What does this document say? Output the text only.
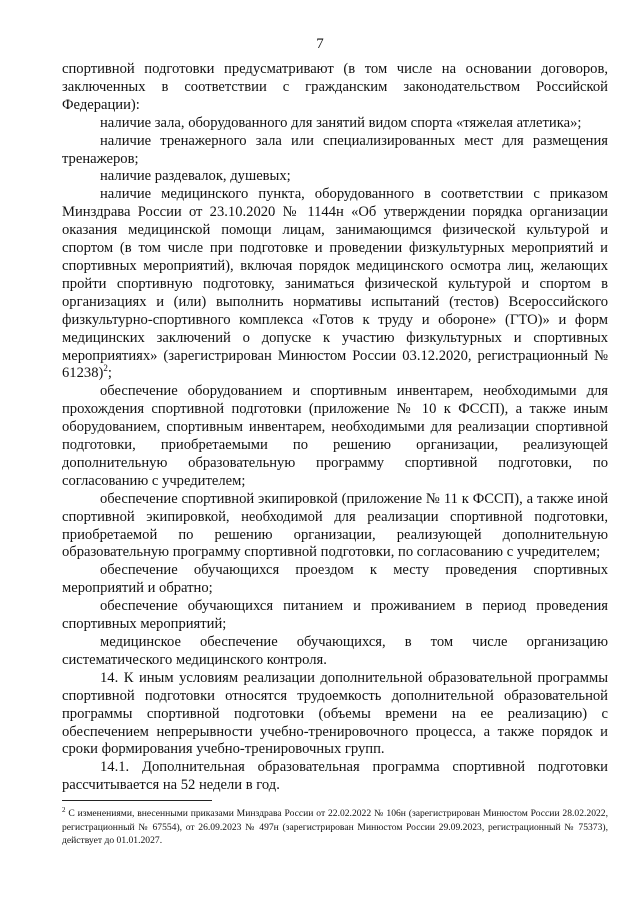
7

спортивной подготовки предусматривают (в том числе на основании договоров, заключенных в соответствии с гражданским законодательством Российской Федерации):

наличие зала, оборудованного для занятий видом спорта «тяжелая атлетика»;

наличие тренажерного зала или специализированных мест для размещения тренажеров;

наличие раздевалок, душевых;

наличие медицинского пункта, оборудованного в соответствии с приказом Минздрава России от 23.10.2020 № 1144н «Об утверждении порядка организации оказания медицинской помощи лицам, занимающимся физической культурой и спортом (в том числе при подготовке и проведении физкультурных мероприятий и спортивных мероприятий), включая порядок медицинского осмотра лиц, желающих пройти спортивную подготовку, заниматься физической культурой и спортом в организациях и (или) выполнить нормативы испытаний (тестов) Всероссийского физкультурно-спортивного комплекса «Готов к труду и обороне» (ГТО)» и форм медицинских заключений о допуске к участию физкультурных и спортивных мероприятиях» (зарегистрирован Минюстом России 03.12.2020, регистрационный № 61238)$^2$;

обеспечение оборудованием и спортивным инвентарем, необходимыми для прохождения спортивной подготовки (приложение № 10 к ФССП), а также иным оборудованием, спортивным инвентарем, необходимыми для реализации спортивной подготовки, приобретаемыми по решению организации, реализующей дополнительную образовательную программу спортивной подготовки, по согласованию с учредителем;

обеспечение спортивной экипировкой (приложение № 11 к ФССП), а также иной спортивной экипировкой, необходимой для реализации спортивной подготовки, приобретаемой по решению организации, реализующей дополнительную образовательную программу спортивной подготовки, по согласованию с учредителем;

обеспечение обучающихся проездом к месту проведения спортивных мероприятий и обратно;

обеспечение обучающихся питанием и проживанием в период проведения спортивных мероприятий;

медицинское обеспечение обучающихся, в том числе организацию систематического медицинского контроля.

14. К иным условиям реализации дополнительной образовательной программы спортивной подготовки относятся трудоемкость дополнительной образовательной программы спортивной подготовки (объемы времени на ее реализацию) с обеспечением непрерывности учебно-тренировочного процесса, а также порядок и сроки формирования учебно-тренировочных групп.

14.1. Дополнительная образовательная программа спортивной подготовки рассчитывается на 52 недели в год.

$^2$ С изменениями, внесенными приказами Минздрава России от 22.02.2022 № 106н (зарегистрирован Минюстом России 28.02.2022, регистрационный № 67554), от 26.09.2023 № 497н (зарегистрирован Минюстом России 29.09.2023, регистрационный № 75373), действует до 01.01.2027.
